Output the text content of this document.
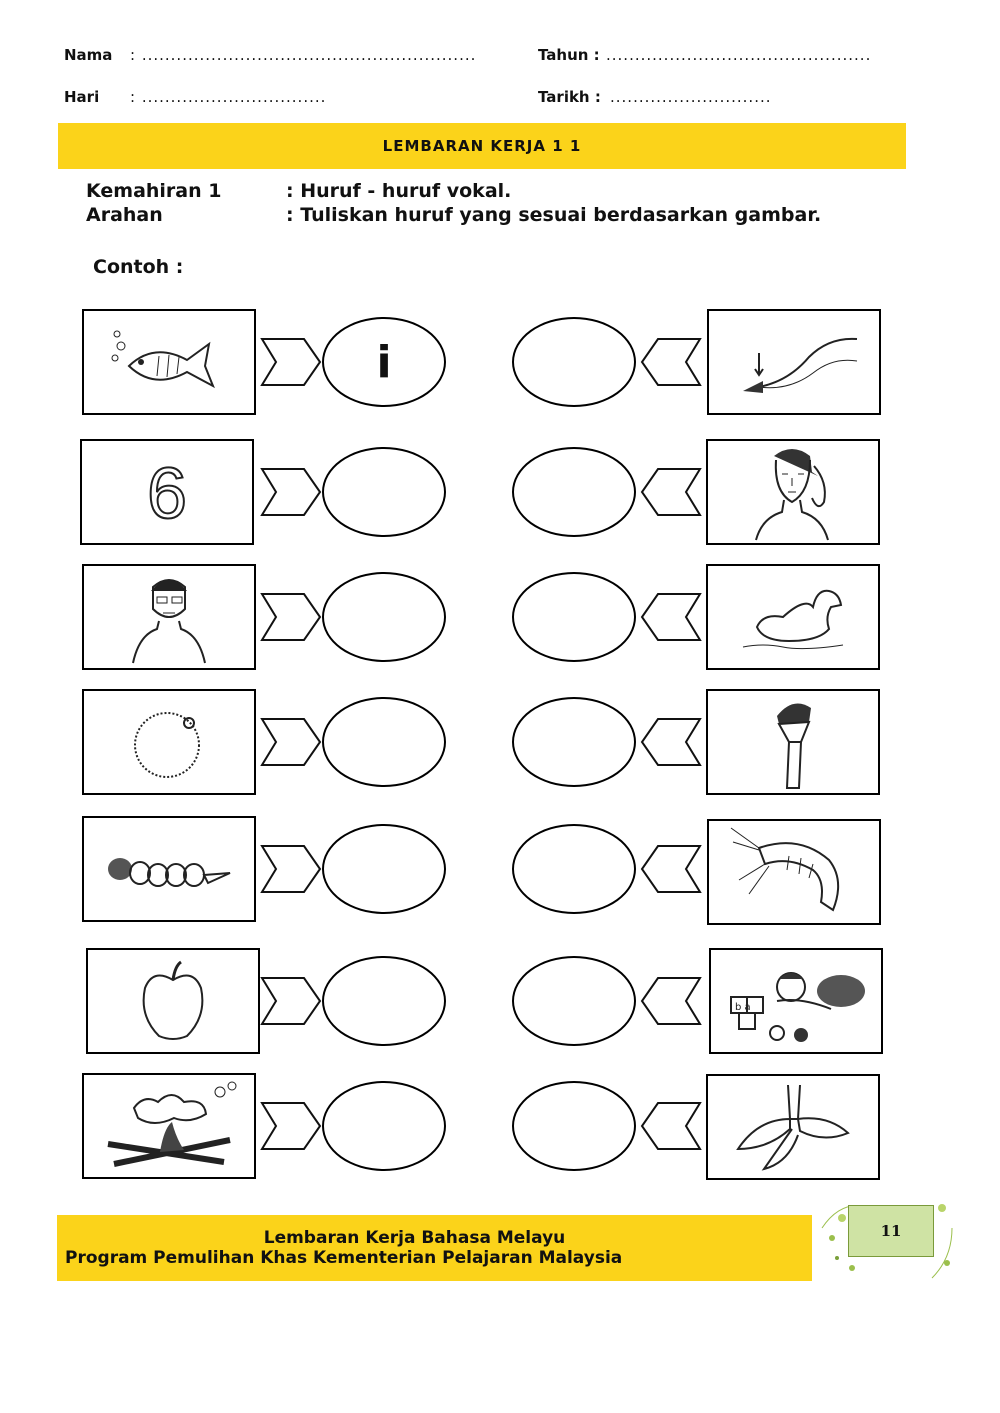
Nama : ..........................................................	Tahun : ..............................................
Hari : ................................	Tarikh : ............................
LEMBARAN KERJA 1 1
Kemahiran 1	: Huruf - huruf vokal.
Arahan	: Tuliskan huruf yang sesuai berdasarkan gambar.
Contoh :
6
b a
i
Lembaran Kerja Bahasa Melayu
Program Pemulihan Khas Kementerian Pelajaran Malaysia
11
